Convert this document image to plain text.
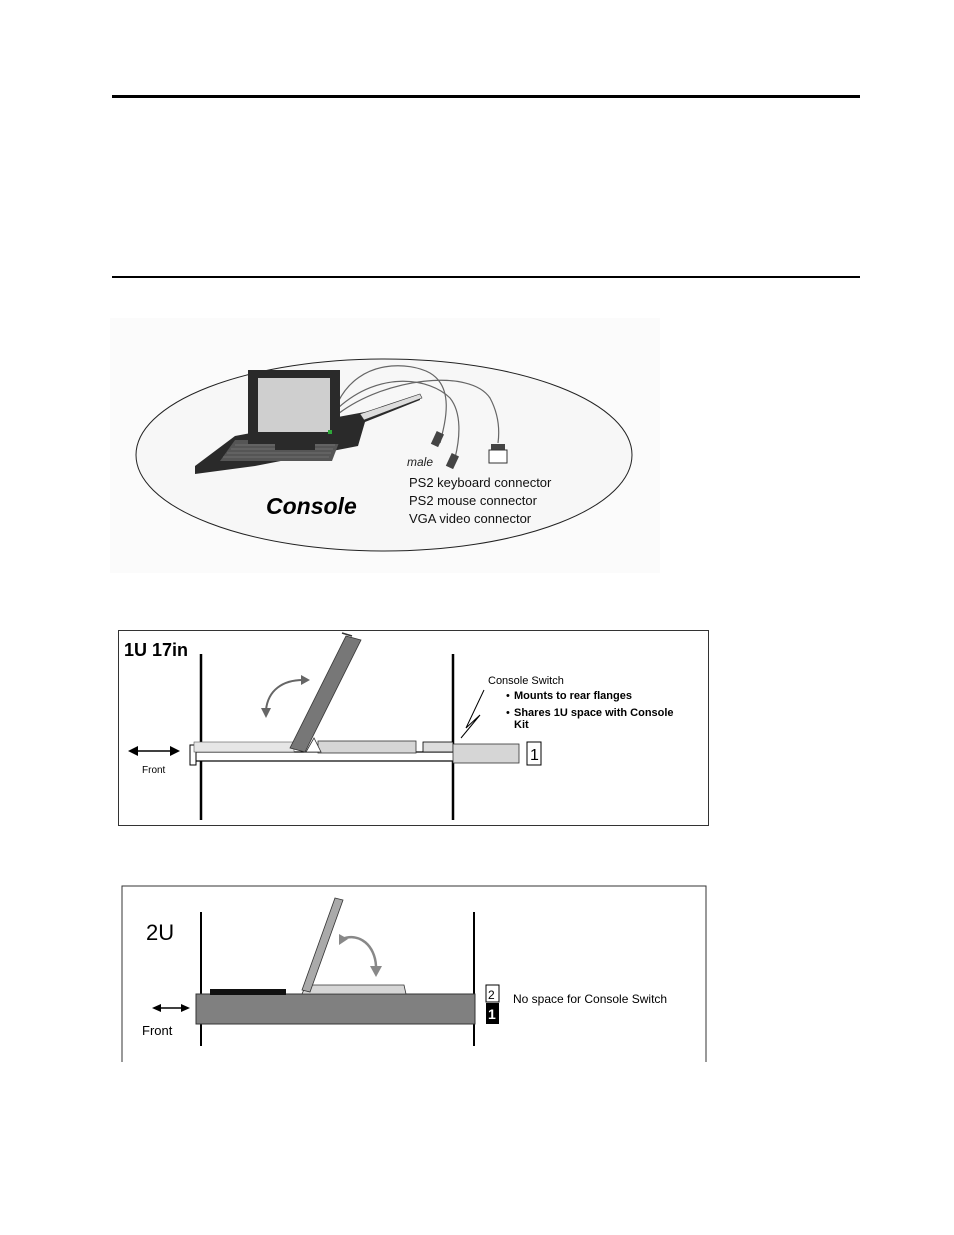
male
PS2 keyboard connector
PS2 mouse connector
VGA video connector
Console
1U 17in
1
Front
Console Switch
• Mounts to rear flanges
• Shares 1U space with Console
Kit
2U
2
1
Front
No space for Console Switch
